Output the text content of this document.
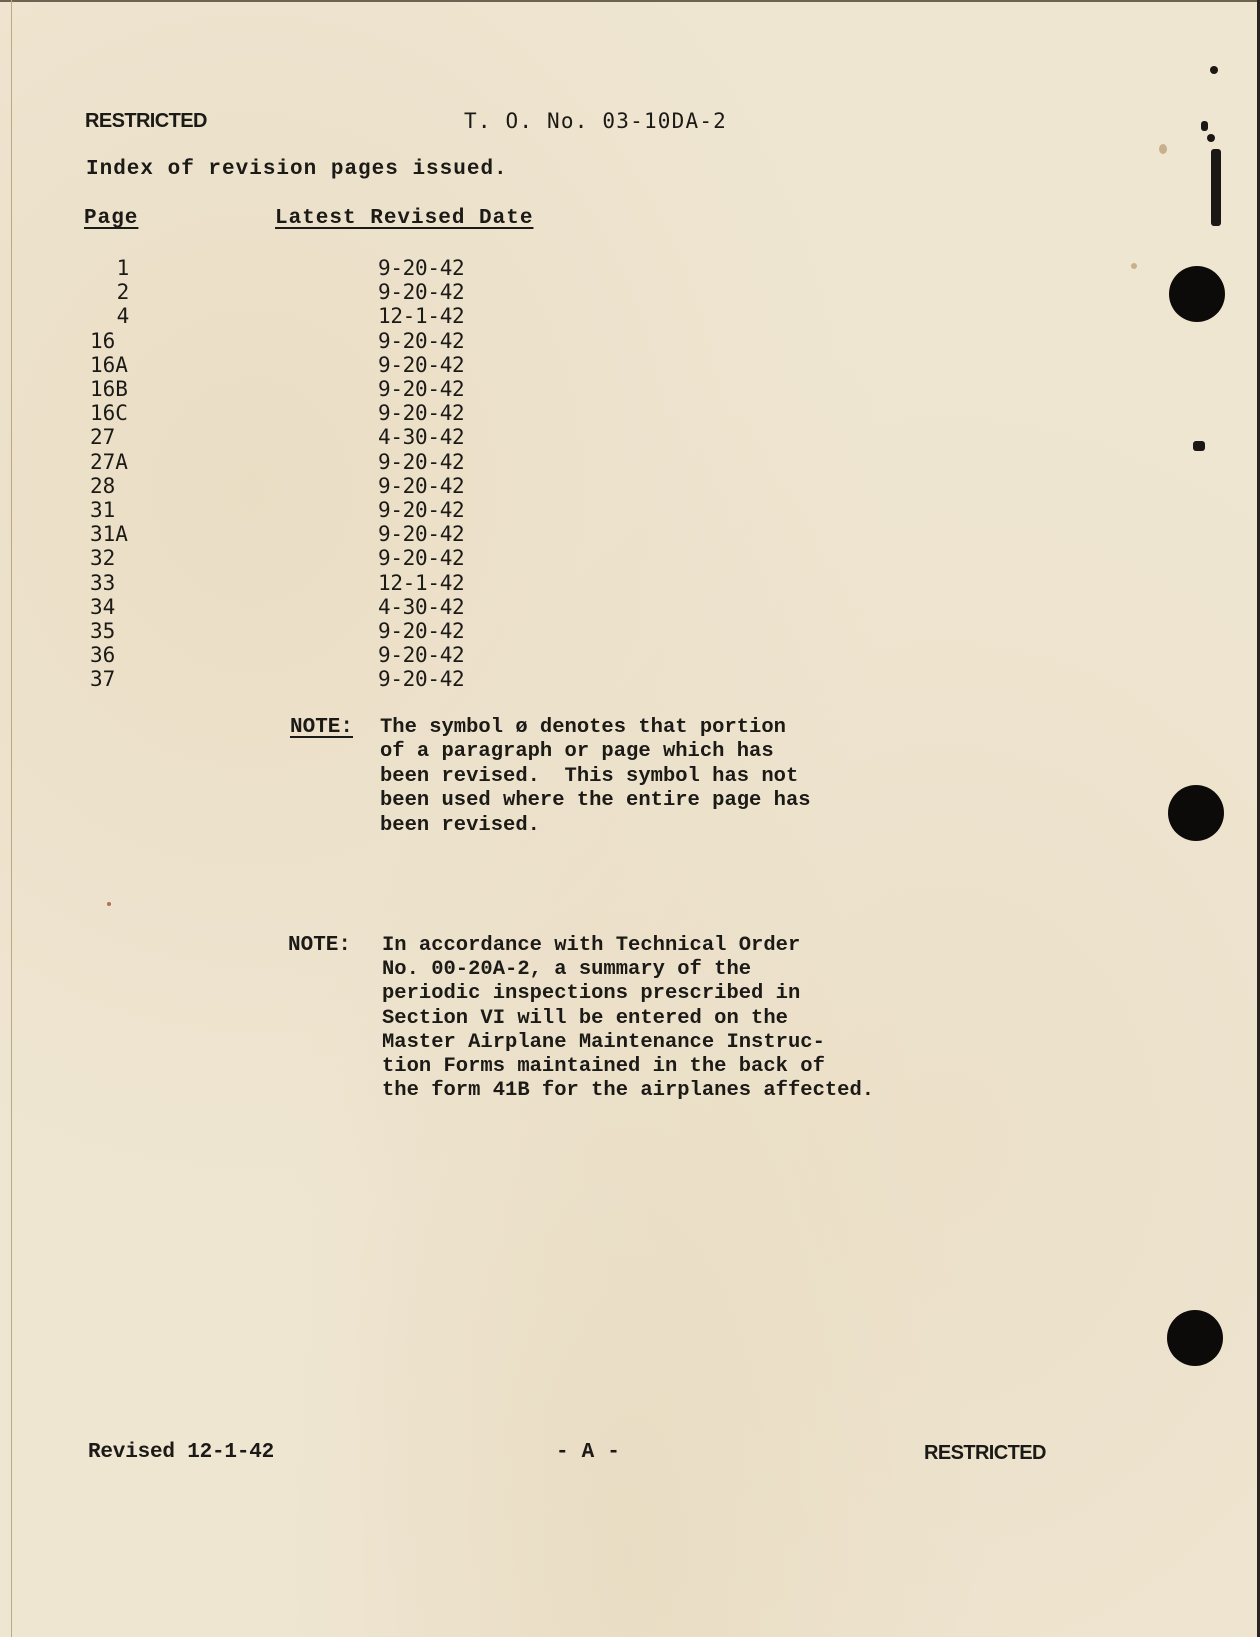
RESTRICTED	T. O. No. 03-10DA-2
Index of revision pages issued.
Page	Latest Revised Date
1	9-20-42
2	9-20-42
4	12-1-42
16	9-20-42
16A	9-20-42
16B	9-20-42
16C	9-20-42
27	4-30-42
27A	9-20-42
28	9-20-42
31	9-20-42
31A	9-20-42
32	9-20-42
33	12-1-42
34	4-30-42
35	9-20-42
36	9-20-42
37	9-20-42
NOTE: The symbol ø denotes that portion
of a paragraph or page which has
been revised.  This symbol has not
been used where the entire page has
been revised.
NOTE: In accordance with Technical Order
No. 00-20A-2, a summary of the
periodic inspections prescribed in
Section VI will be entered on the
Master Airplane Maintenance Instruc-
tion Forms maintained in the back of
the form 41B for the airplanes affected.
Revised 12-1-42	- A -	RESTRICTED
